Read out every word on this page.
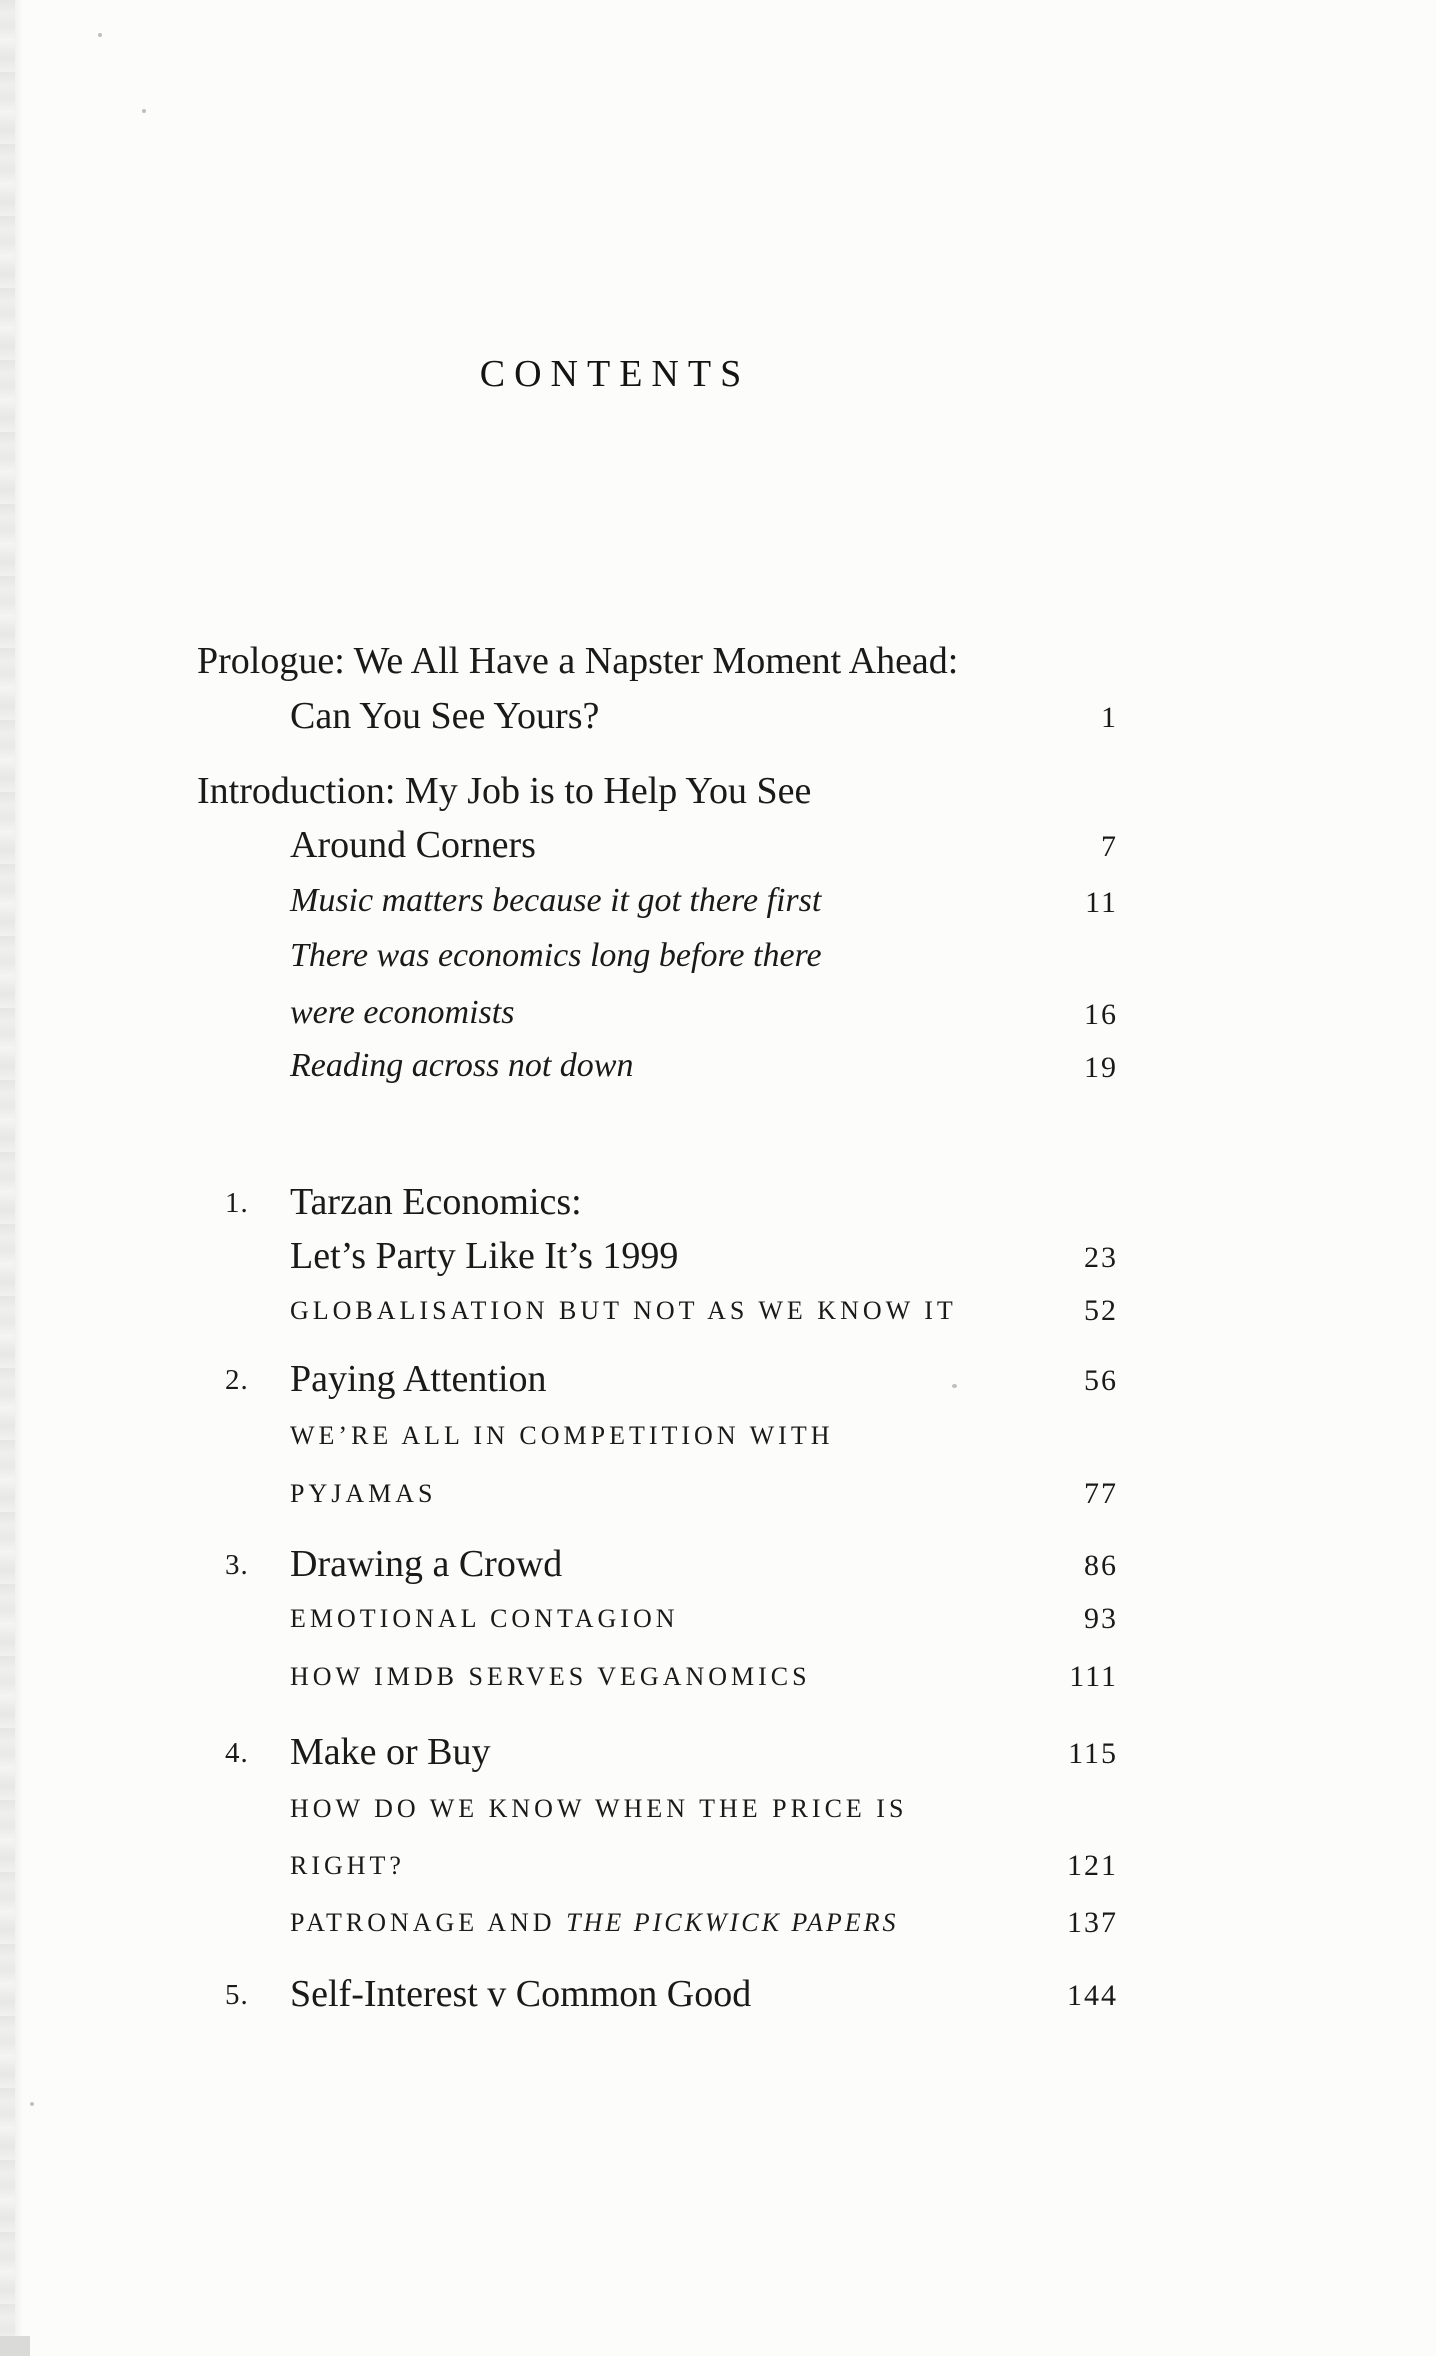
CONTENTS
Prologue: We All Have a Napster Moment Ahead:
Can You See Yours?	1
Introduction: My Job is to Help You See
Around Corners	7
Music matters because it got there first	11
There was economics long before there
were economists	16
Reading across not down	19
1. Tarzan Economics:
Let’s Party Like It’s 1999	23
GLOBALISATION BUT NOT AS WE KNOW IT	52
2. Paying Attention	56
WE’RE ALL IN COMPETITION WITH
PYJAMAS	77
3. Drawing a Crowd	86
EMOTIONAL CONTAGION	93
HOW IMDB SERVES VEGANOMICS	111
4. Make or Buy	115
HOW DO WE KNOW WHEN THE PRICE IS
RIGHT?	121
PATRONAGE AND THE PICKWICK PAPERS	137
5. Self-Interest v Common Good	144
